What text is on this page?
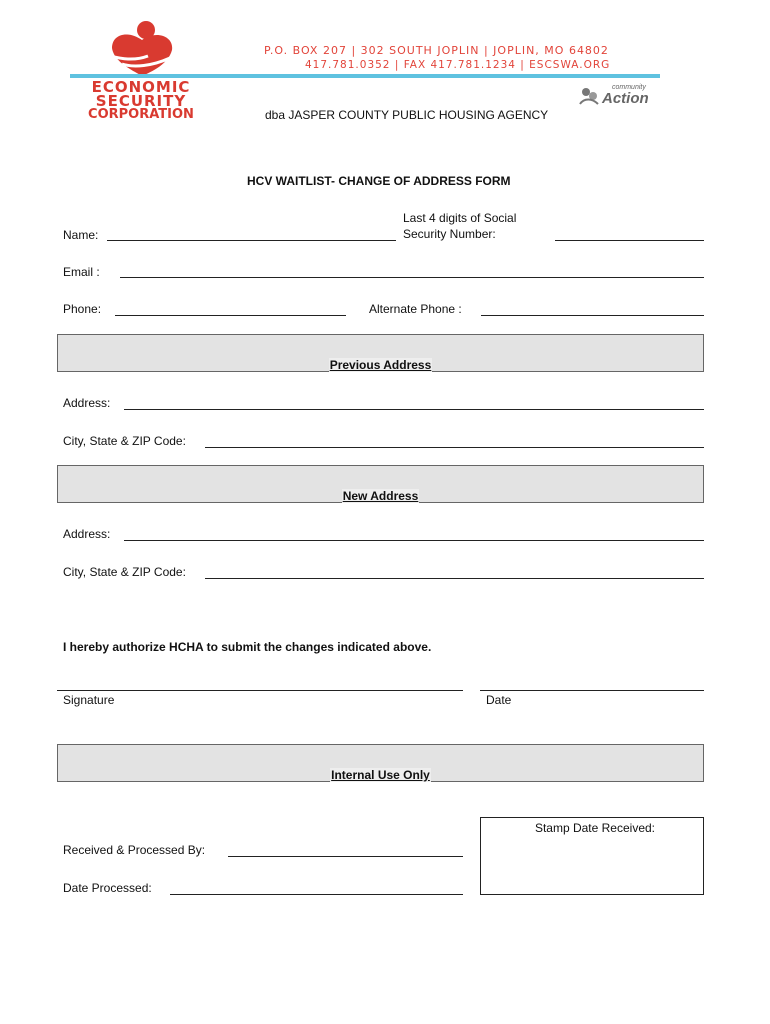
ECONOMIC
SECURITY
CORPORATION
P.O. BOX 207 | 302 SOUTH JOPLIN | JOPLIN, MO 64802
417.781.0352 | FAX 417.781.1234 | ESCSWA.ORG
community
Action
dba JASPER COUNTY PUBLIC HOUSING AGENCY
HCV WAITLIST- CHANGE OF ADDRESS FORM
Name:
Last 4 digits of Social
Security Number:
Email :
Phone:	Alternate Phone :
Previous Address
Address:
City, State & ZIP Code:
New Address
Address:
City, State & ZIP Code:
I hereby authorize HCHA to submit the changes indicated above.
Signature	Date
Internal Use Only
Stamp Date Received:
Received & Processed By:
Date Processed:
